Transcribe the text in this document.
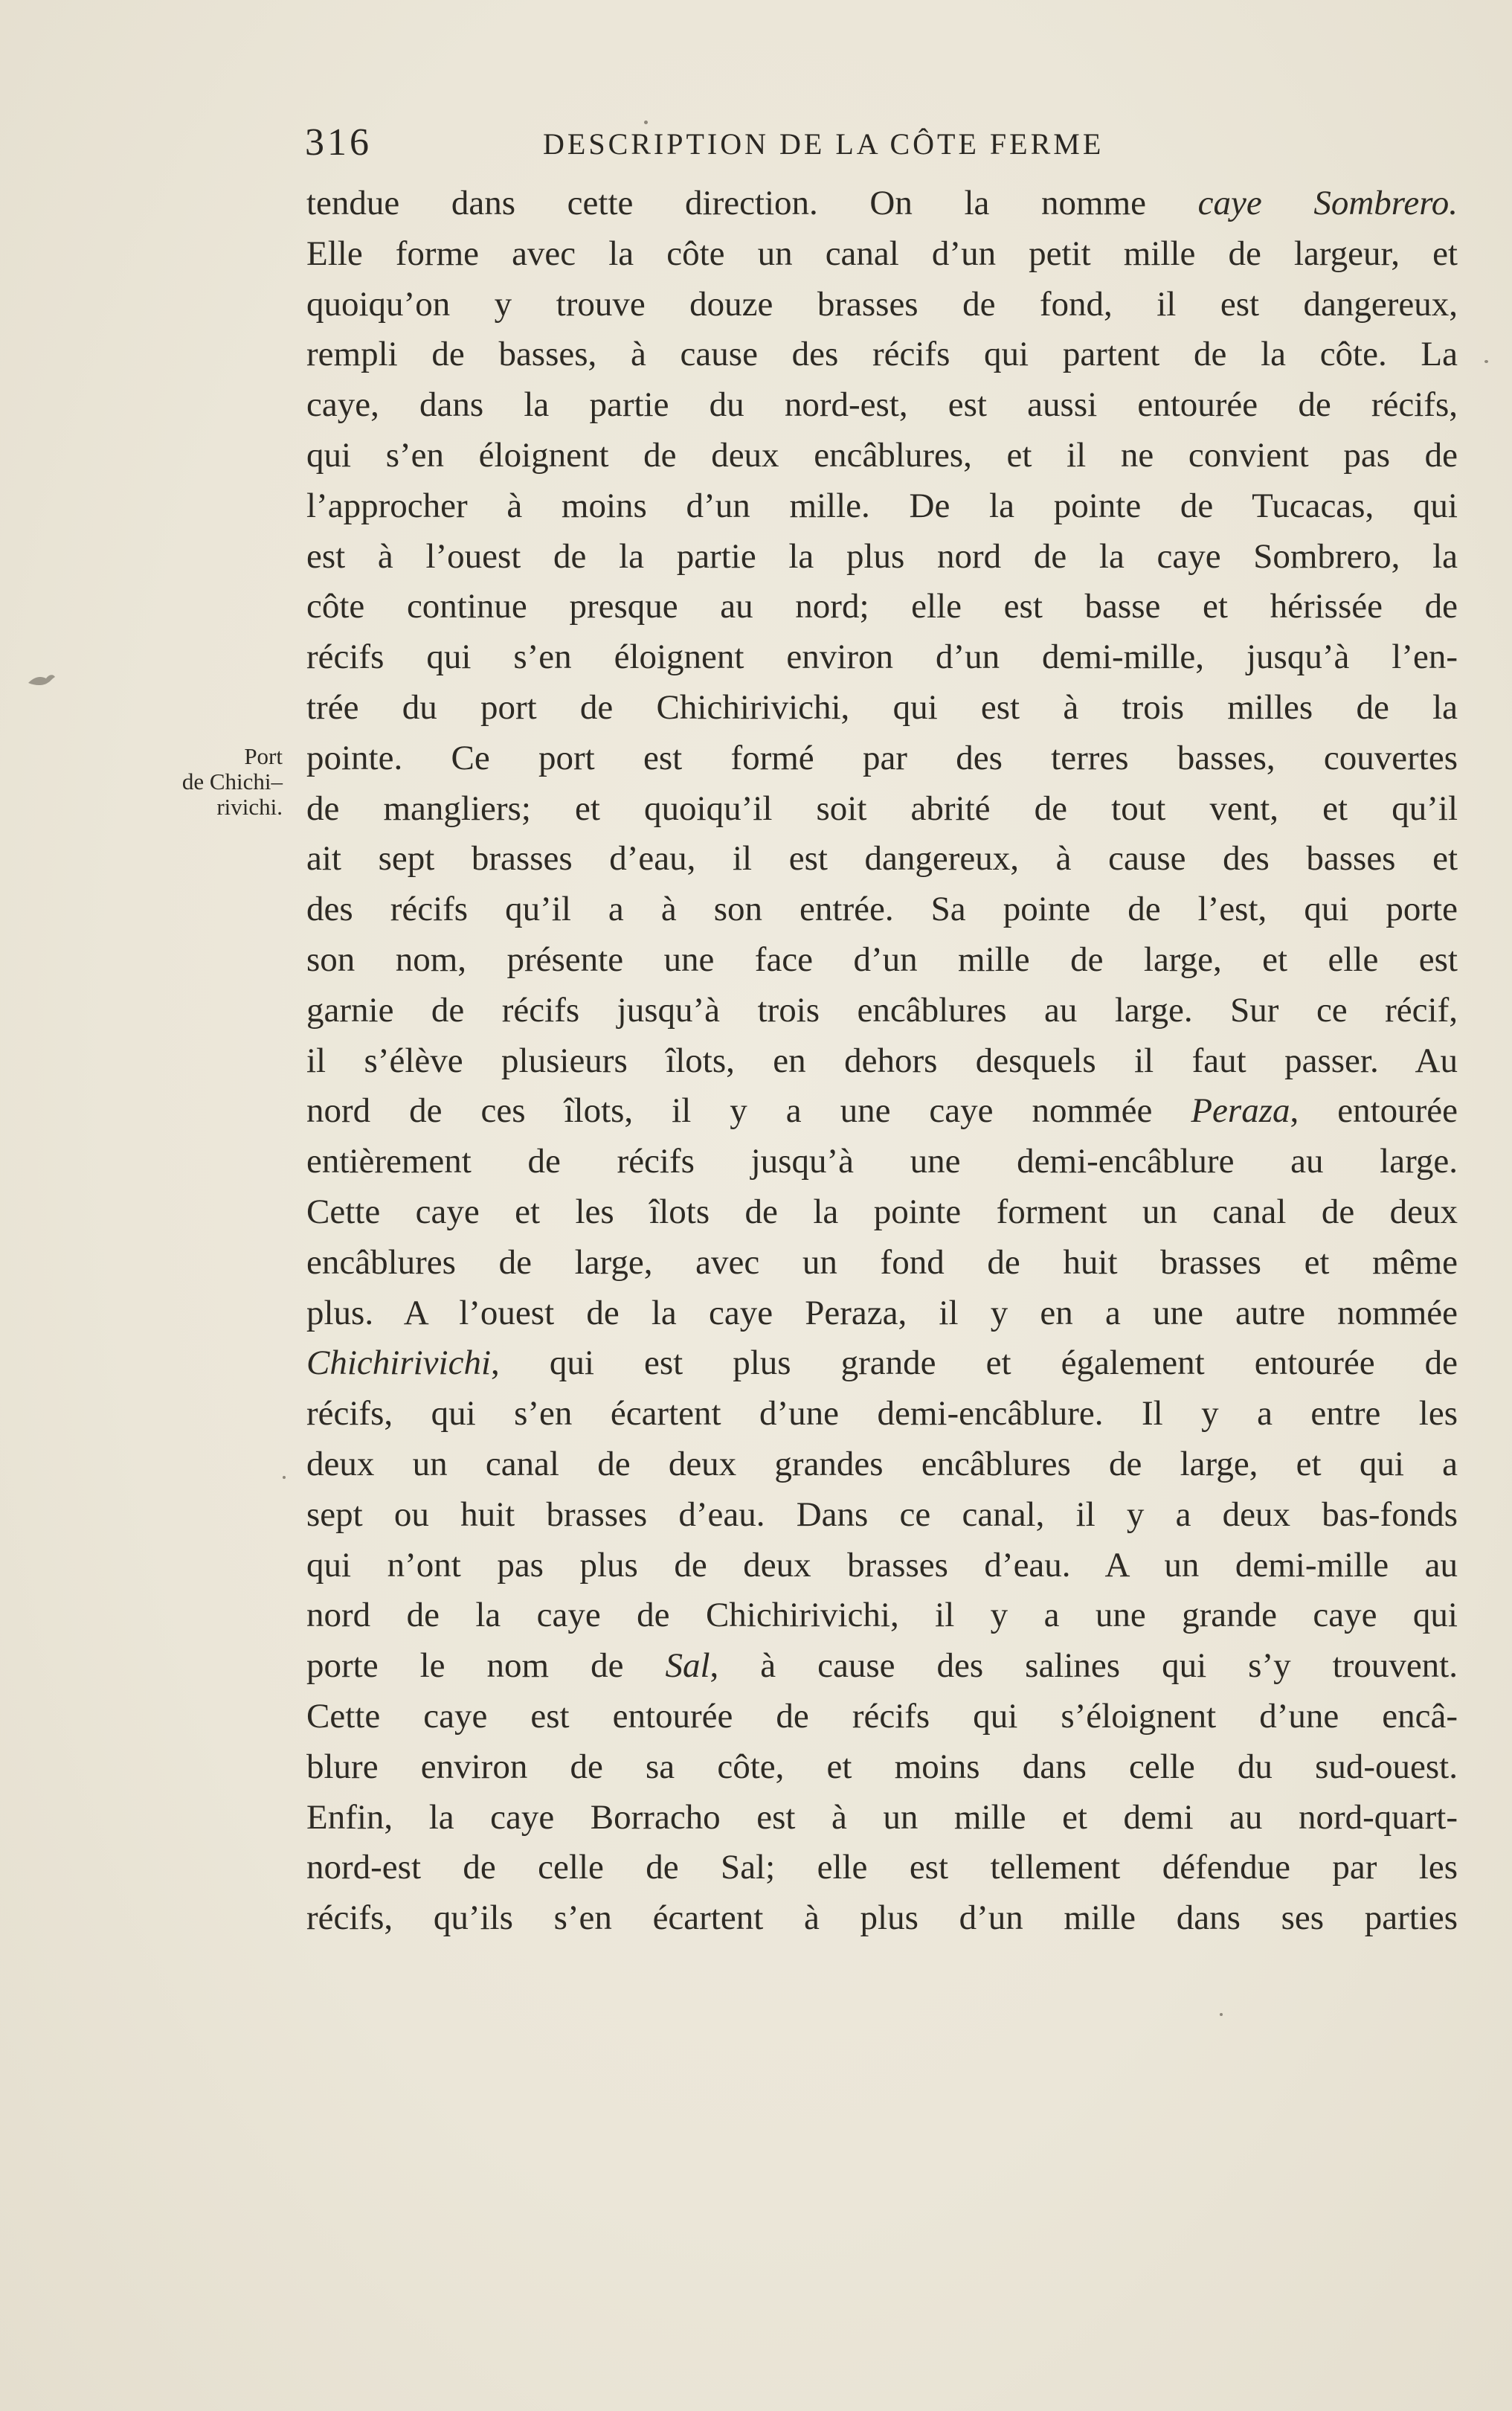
316	DESCRIPTION DE LA CÔTE FERME
Port
de Chichi–
rivichi.
tendue dans cette direction. On la nomme caye Sombrero.
Elle forme avec la côte un canal d’un petit mille de largeur, et
quoiqu’on y trouve douze brasses de fond, il est dangereux,
rempli de basses, à cause des récifs qui partent de la côte. La
caye, dans la partie du nord-est, est aussi entourée de récifs,
qui s’en éloignent de deux encâblures, et il ne convient pas de
l’approcher à moins d’un mille. De la pointe de Tucacas, qui
est à l’ouest de la partie la plus nord de la caye Sombrero, la
côte continue presque au nord; elle est basse et hérissée de
récifs qui s’en éloignent environ d’un demi-mille, jusqu’à l’en-
trée du port de Chichirivichi, qui est à trois milles de la
pointe. Ce port est formé par des terres basses, couvertes
de mangliers; et quoiqu’il soit abrité de tout vent, et qu’il
ait sept brasses d’eau, il est dangereux, à cause des basses et
des récifs qu’il a à son entrée. Sa pointe de l’est, qui porte
son nom, présente une face d’un mille de large, et elle est
garnie de récifs jusqu’à trois encâblures au large. Sur ce récif,
il s’élève plusieurs îlots, en dehors desquels il faut passer. Au
nord de ces îlots, il y a une caye nommée Peraza, entourée
entièrement de récifs jusqu’à une demi-encâblure au large.
Cette caye et les îlots de la pointe forment un canal de deux
encâblures de large, avec un fond de huit brasses et même
plus. A l’ouest de la caye Peraza, il y en a une autre nommée
Chichirivichi, qui est plus grande et également entourée de
récifs, qui s’en écartent d’une demi-encâblure. Il y a entre les
deux un canal de deux grandes encâblures de large, et qui a
sept ou huit brasses d’eau. Dans ce canal, il y a deux bas-fonds
qui n’ont pas plus de deux brasses d’eau. A un demi-mille au
nord de la caye de Chichirivichi, il y a une grande caye qui
porte le nom de Sal, à cause des salines qui s’y trouvent.
Cette caye est entourée de récifs qui s’éloignent d’une encâ-
blure environ de sa côte, et moins dans celle du sud-ouest.
Enfin, la caye Borracho est à un mille et demi au nord-quart-
nord-est de celle de Sal; elle est tellement défendue par les
récifs, qu’ils s’en écartent à plus d’un mille dans ses parties
